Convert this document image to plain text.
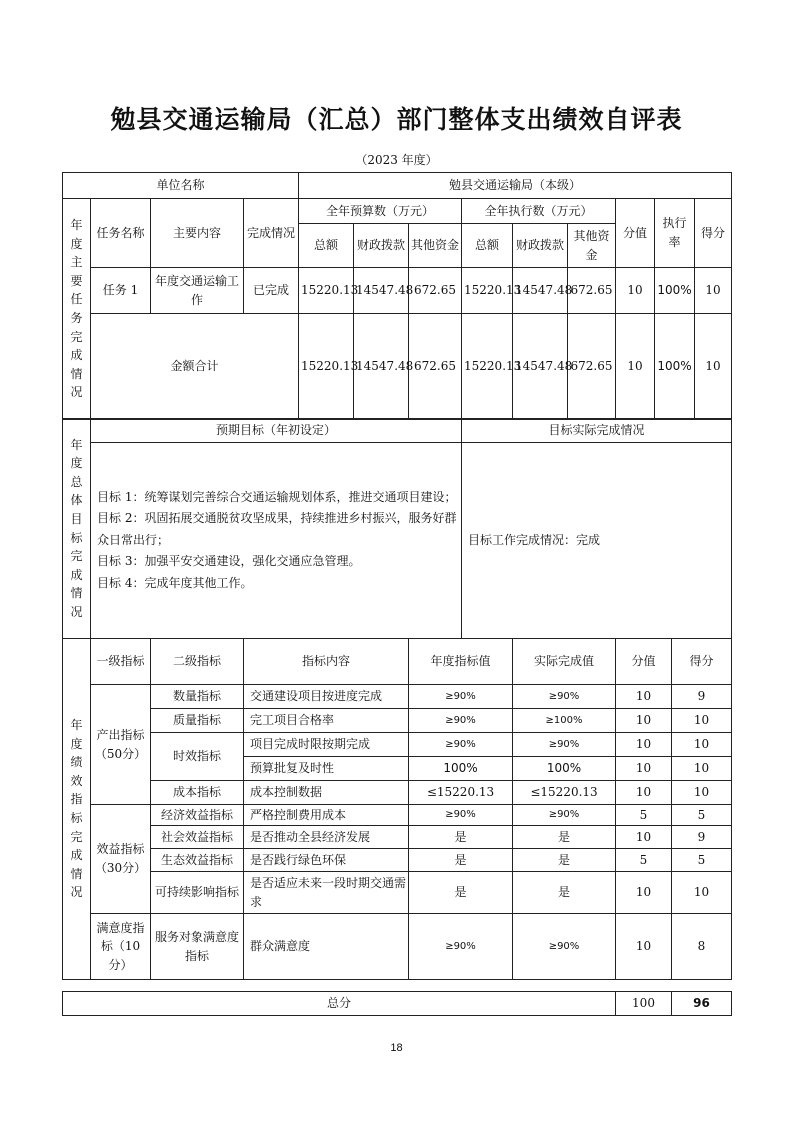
勉县交通运输局（汇总）部门整体支出绩效自评表
（2023 年度）
单位名称				勉县交通运输局（本级）								
年度主要任务完成情况	任务名称	主要内容	完成情况	全年预算数（万元）			全年执行数（万元）			分值	执行率	得分
				总额	财政拨款	其他资金	总额	财政拨款	其他资金			
	任务 1	年度交通运输工作	已完成	15220.13	14547.48	672.65	15220.13	14547.48	672.65	10	100%	10
	金额合计			15220.13	14547.48	672.65	15220.13	14547.48	672.65	10	100%	10
年度总体目标完成情况	预期目标（年初设定）	目标实际完成情况

	目标 1：统筹谋划完善综合交通运输规划体系，推进交通项目建设；
目标 2：巩固拓展交通脱贫攻坚成果，持续推进乡村振兴，服务好群众日常出行；
目标 3：加强平安交通建设，强化交通应急管理。
目标 4：完成年度其他工作。	目标工作完成情况：完成
年度绩效指标完成情况	一级指标	二级指标	指标内容	年度指标值	实际完成值	分值	得分
	产出指标（50分）	数量指标	交通建设项目按进度完成	≥90%	≥90%	10	9
		质量指标	完工项目合格率	≥90%	≥100%	10	10
		时效指标	项目完成时限按期完成	≥90%	≥90%	10	10
			预算批复及时性	100%	100%	10	10
		成本指标	成本控制数据	≤15220.13	≤15220.13	10	10
	效益指标（30分）	经济效益指标	严格控制费用成本	≥90%	≥90%	5	5
		社会效益指标	是否推动全县经济发展	是	是	10	9
		生态效益指标	是否践行绿色环保	是	是	5	5
		可持续影响指标	是否适应未来一段时期交通需求	是	是	10	10
	满意度指标（10分）	服务对象满意度指标	群众满意度	≥90%	≥90%	10	8
总分	100	96
18
